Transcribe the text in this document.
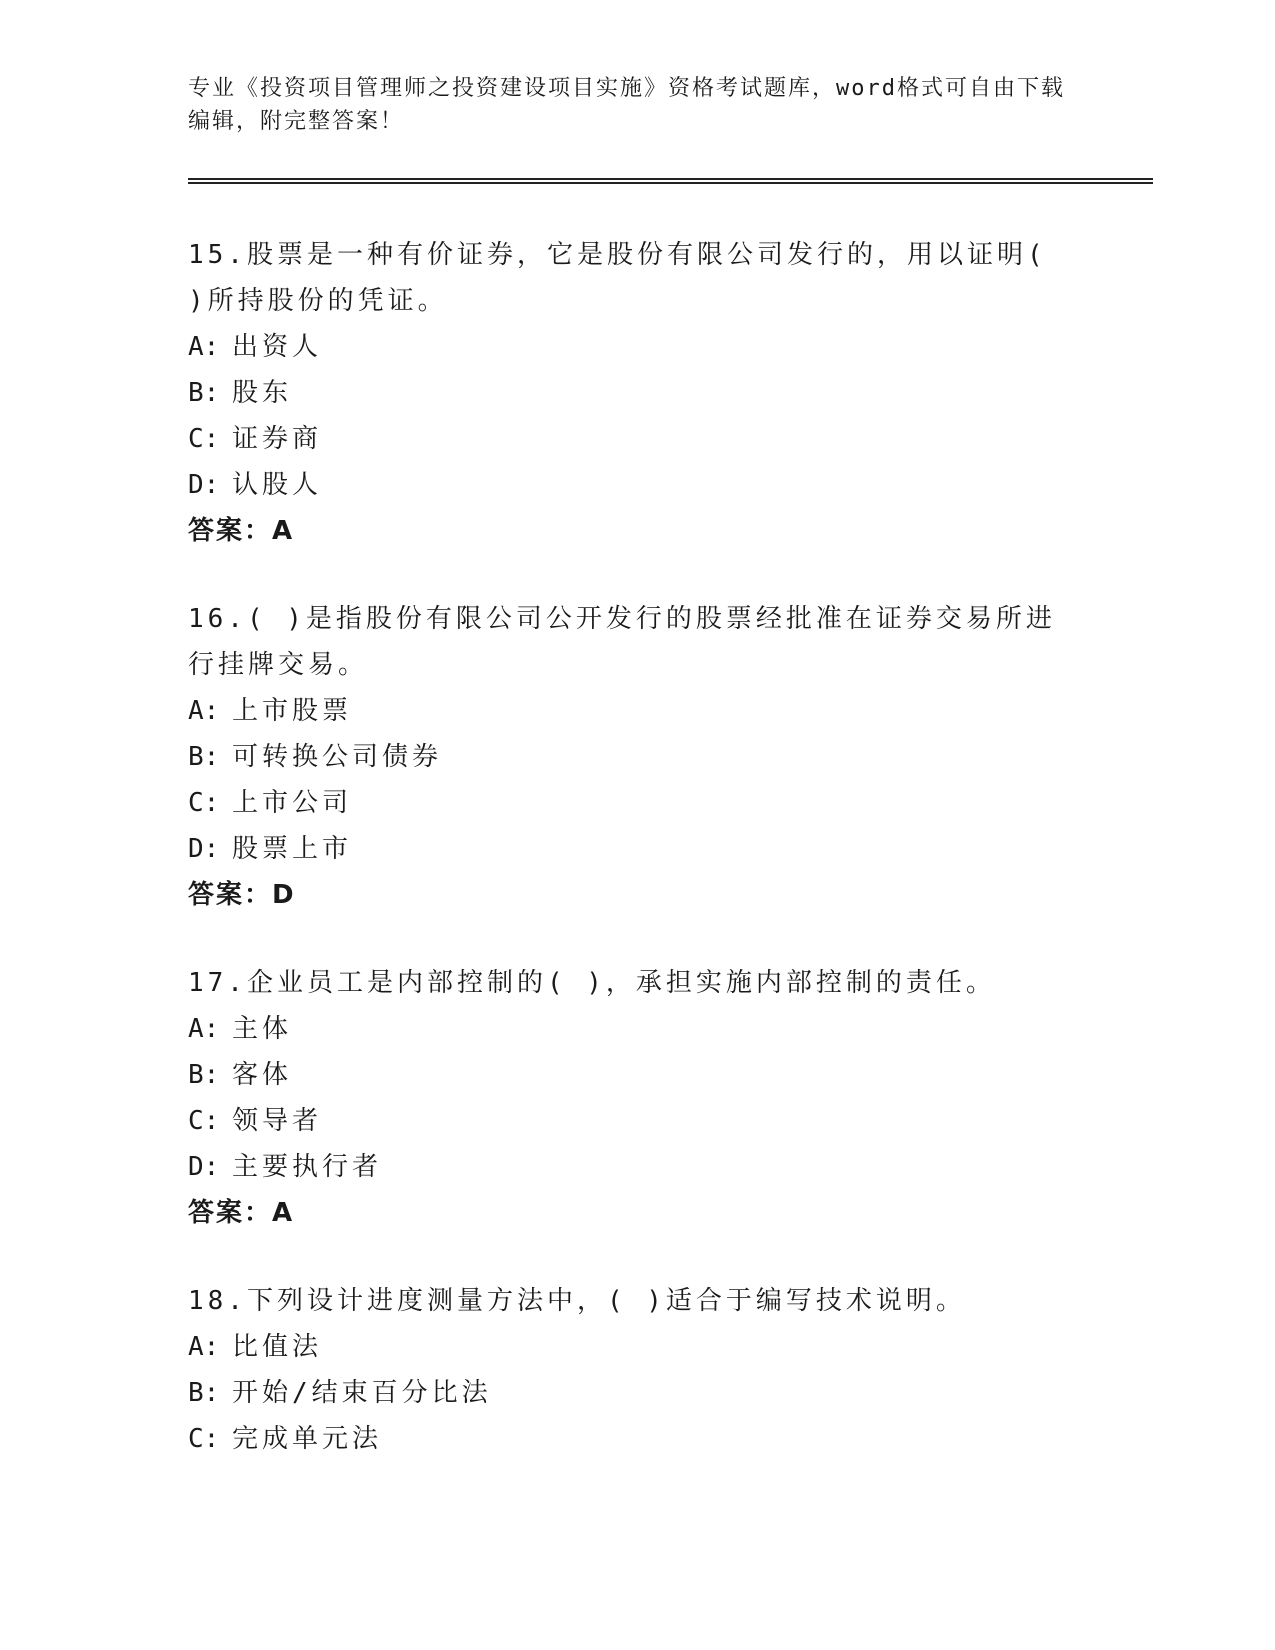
专业《投资项目管理师之投资建设项目实施》资格考试题库，word格式可自由下载编辑，附完整答案！

15.股票是一种有价证券，它是股份有限公司发行的，用以证明( )所持股份的凭证。

A: 出资人

B: 股东

C: 证券商

D: 认股人

答案：A

16.( )是指股份有限公司公开发行的股票经批准在证券交易所进行挂牌交易。

A: 上市股票

B: 可转换公司债券

C: 上市公司

D: 股票上市

答案：D

17.企业员工是内部控制的( )，承担实施内部控制的责任。

A: 主体

B: 客体

C: 领导者

D: 主要执行者

答案：A

18.下列设计进度测量方法中，( )适合于编写技术说明。

A: 比值法

B: 开始/结束百分比法

C: 完成单元法
